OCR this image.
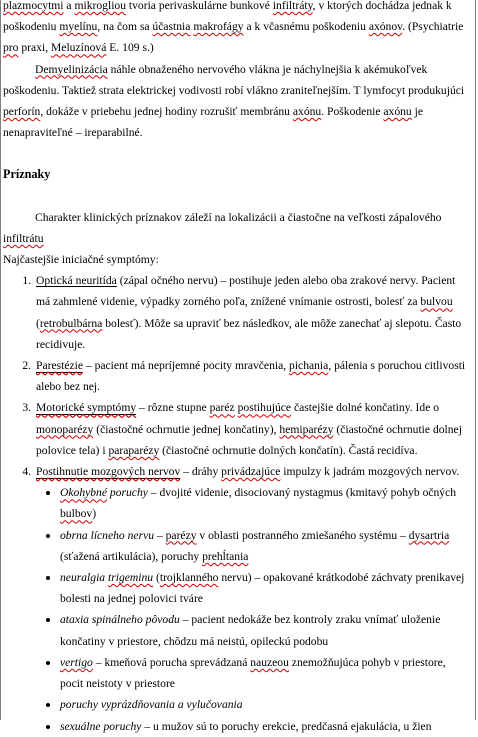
plazmocytmi a mikrogliou tvoria perivaskulárne bunkové infiltráty, v ktorých dochádza jednak k poškodeniu myelínu, na čom sa účastnia makrofágy a k včasnému poškodeniu axónov. (Psychiatrie pro praxi, Meluzínová E. 109 s.)

Demyelinizácia náhle obnaženého nervového vlákna je náchylnejšia k akémukoľvek poškodeniu. Taktiež strata elektrickej vodivosti robí vlákno zraniteľnejším. T lymfocyt produkujúci perforín, dokáže v priebehu jednej hodiny rozrušiť membránu axónu. Poškodenie axónu je nenapraviteľné – ireparabilné.

Príznaky

Charakter klinických príznakov záleží na lokalizácii a čiastočne na veľkosti zápalového infiltrátu

Najčastejšie iniciačné symptómy:

1. Optická neuritída (zápal očného nervu) – postihuje jeden alebo oba zrakové nervy. Pacient má zahmlené videnie, výpadky zorného poľa, znížené vnímanie ostrosti, bolesť za bulvou (retrobulbárna bolesť). Môže sa upraviť bez následkov, ale môže zanechať aj slepotu. Často recidivuje.
2. Parestézie – pacient má nepríjemné pocity mravčenia, pichania, pálenia s poruchou citlivosti alebo bez nej.
3. Motorické symptómy – rôzne stupne paréz postihujúce častejšie dolné končatiny. Ide o monoparézy (čiastočné ochrnutie jednej končatiny), hemiparézy (čiastočné ochrnutie dolnej polovice tela) i paraparézy (čiastočné ochrnutie dolných končatín). Častá recidíva.
4. Postihnutie mozgových nervov – dráhy privádzajúce impulzy k jadrám mozgových nervov.
• Okohybné poruchy – dvojité videnie, disociovaný nystagmus (kmitavý pohyb očných bulbov)
• obrna lícneho nervu – parézy v oblasti postranného zmiešaného systému – dysartria (sťažená artikulácia), poruchy prehĺtania
• neuralgia trigeminu (trojklanného nervu) – opakované krátkodobé záchvaty prenikavej bolesti na jednej polovici tváre
• ataxia spinálneho pôvodu – pacient nedokáže bez kontroly zraku vnímať uloženie končatiny v priestore, chôdzu má neistú, opileckú podobu
• vertigo – kmeňová porucha sprevádzaná nauzeou znemožňujúca pohyb v priestore, pocit neistoty v priestore
• poruchy vyprázdňovania a vylučovania
• sexuálne poruchy – u mužov sú to poruchy erekcie, predčasná ejakulácia, u žien
